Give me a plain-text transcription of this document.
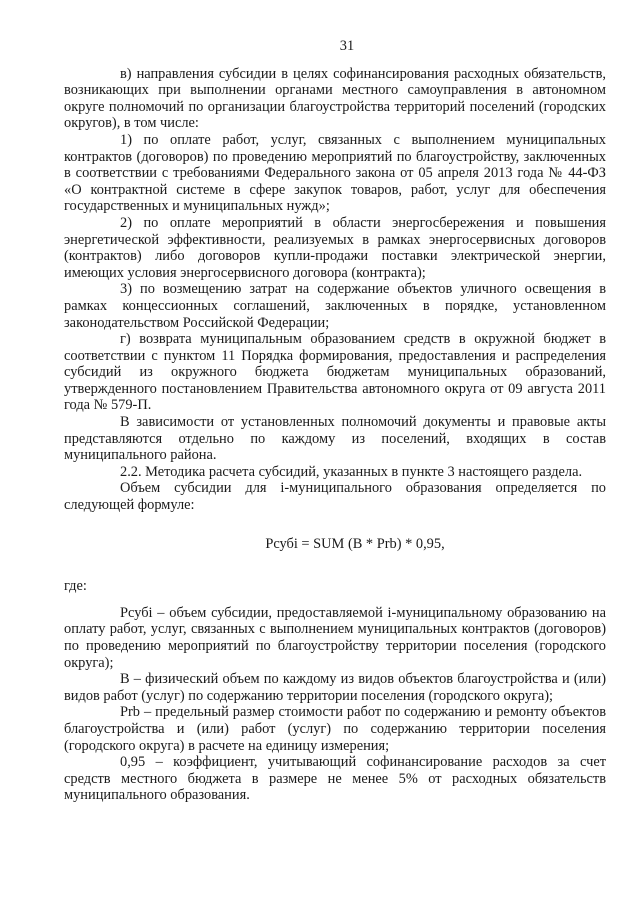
31

в) направления субсидии в целях софинансирования расходных обязательств, возникающих при выполнении органами местного самоуправления в автономном округе полномочий по организации благоустройства территорий поселений (городских округов), в том числе:

1) по оплате работ, услуг, связанных с выполнением муниципальных контрактов (договоров) по проведению мероприятий по благоустройству, заключенных в соответствии с требованиями Федерального закона от 05 апреля 2013 года № 44-ФЗ «О контрактной системе в сфере закупок товаров, работ, услуг для обеспечения государственных и муниципальных нужд»;

2) по оплате мероприятий в области энергосбережения и повышения энергетической эффективности, реализуемых в рамках энергосервисных договоров (контрактов) либо договоров купли-продажи поставки электрической энергии, имеющих условия энергосервисного договора (контракта);

3) по возмещению затрат на содержание объектов уличного освещения в рамках концессионных соглашений, заключенных в порядке, установленном законодательством Российской Федерации;

г) возврата муниципальным образованием средств в окружной бюджет в соответствии с пунктом 11 Порядка формирования, предоставления и распределения субсидий из окружного бюджета бюджетам муниципальных образований, утвержденного постановлением Правительства автономного округа от 09 августа 2011 года № 579-П.

В зависимости от установленных полномочий документы и правовые акты представляются отдельно по каждому из поселений, входящих в состав муниципального района.

2.2. Методика расчета субсидий, указанных в пункте 3 настоящего раздела.

Объем субсидии для i-муниципального образования определяется по следующей формуле:

Рсубi = SUM (В * Prb) * 0,95,

где:

Рсубi – объем субсидии, предоставляемой i-муниципальному образованию на оплату работ, услуг, связанных с выполнением муниципальных контрактов (договоров) по проведению мероприятий по благоустройству территории поселения (городского округа);

В – физический объем по каждому из видов объектов благоустройства и (или) видов работ (услуг) по содержанию территории поселения (городского округа);

Prb – предельный размер стоимости работ по содержанию и ремонту объектов благоустройства и (или) работ (услуг) по содержанию территории поселения (городского округа) в расчете на единицу измерения;

0,95 – коэффициент, учитывающий софинансирование расходов за счет средств местного бюджета в размере не менее 5% от расходных обязательств муниципального образования.
